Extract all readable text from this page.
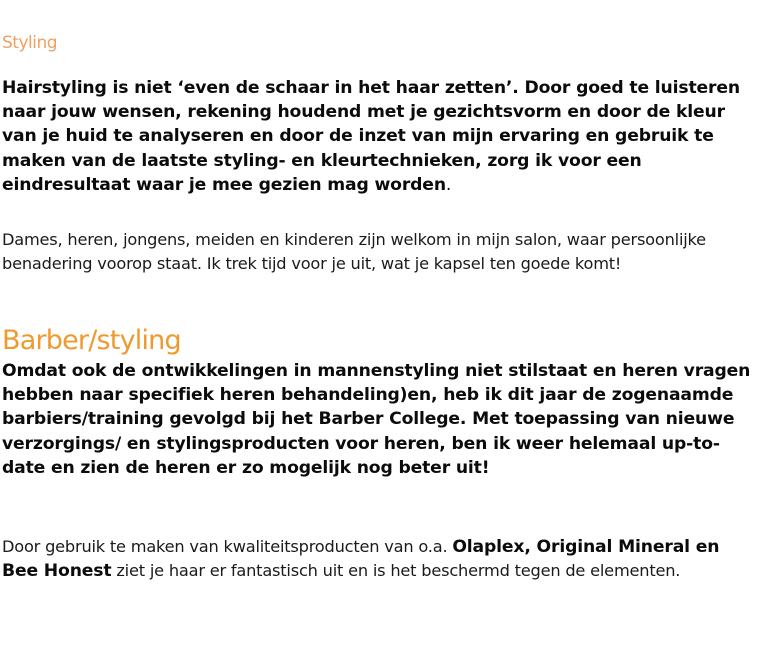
Styling

Hairstyling is niet ‘even de schaar in het haar zetten’. Door goed te luisteren naar jouw wensen, rekening houdend met je gezichtsvorm en door de kleur van je huid te analyseren en door de inzet van mijn ervaring en gebruik te maken van de laatste styling- en kleurtechnieken, zorg ik voor een eindresultaat waar je mee gezien mag worden.

Dames, heren, jongens, meiden en kinderen zijn welkom in mijn salon, waar persoonlijke benadering voorop staat. Ik trek tijd voor je uit, wat je kapsel ten goede komt!

Barber/styling

Omdat ook de ontwikkelingen in mannenstyling niet stilstaat en heren vragen hebben naar specifiek heren behandeling)en, heb ik dit jaar de zogenaamde barbiers/training gevolgd bij het Barber College. Met toepassing van nieuwe verzorgings/ en stylingsproducten voor heren, ben ik weer helemaal up-to-date en zien de heren er zo mogelijk nog beter uit!

Door gebruik te maken van kwaliteitsproducten van o.a. Olaplex, Original Mineral en Bee Honest ziet je haar er fantastisch uit en is het beschermd tegen de elementen.
